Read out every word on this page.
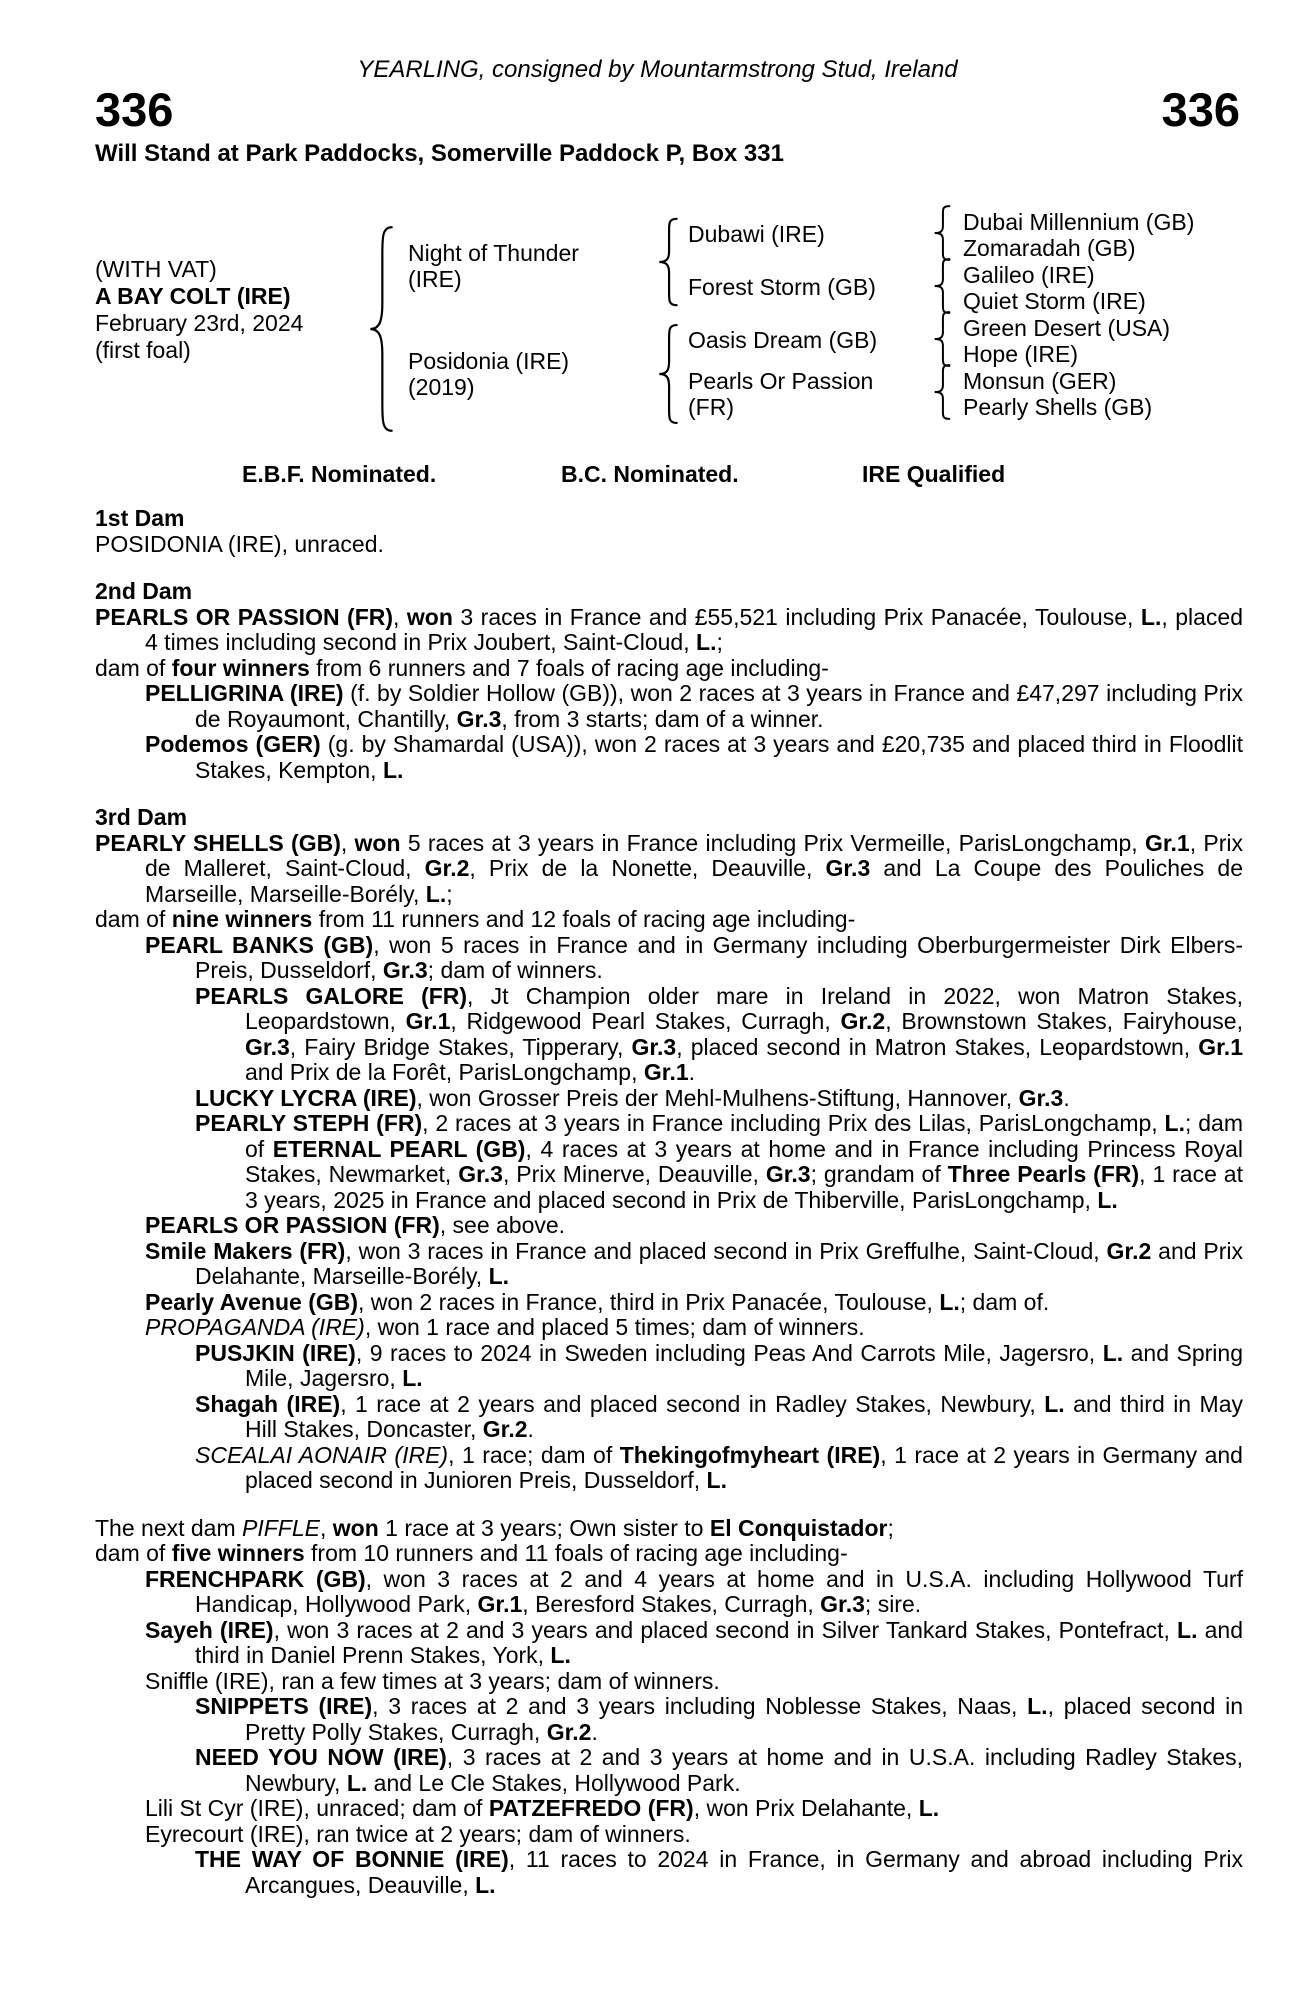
YEARLING, consigned by Mountarmstrong Stud, Ireland
336	336
Will Stand at Park Paddocks, Somerville Paddock P, Box 331
(WITH VAT)
A BAY COLT (IRE)
February 23rd, 2024
(first foal)
Night of Thunder
(IRE)
Posidonia (IRE)
(2019)
Dubawi (IRE)
Forest Storm (GB)
Oasis Dream (GB)
Pearls Or Passion
(FR)
Dubai Millennium (GB)
Zomaradah (GB)
Galileo (IRE)
Quiet Storm (IRE)
Green Desert (USA)
Hope (IRE)
Monsun (GER)
Pearly Shells (GB)
E.B.F. Nominated.	B.C. Nominated.	IRE Qualified
1st Dam

POSIDONIA (IRE), unraced.

2nd Dam

PEARLS OR PASSION (FR), won 3 races in France and £55,521 including Prix Panacée, Toulouse, L., placed 4 times including second in Prix Joubert, Saint-Cloud, L.;

dam of four winners from 6 runners and 7 foals of racing age including-

PELLIGRINA (IRE) (f. by Soldier Hollow (GB)), won 2 races at 3 years in France and £47,297 including Prix de Royaumont, Chantilly, Gr.3, from 3 starts; dam of a winner.

Podemos (GER) (g. by Shamardal (USA)), won 2 races at 3 years and £20,735 and placed third in Floodlit Stakes, Kempton, L.

3rd Dam

PEARLY SHELLS (GB), won 5 races at 3 years in France including Prix Vermeille, ParisLongchamp, Gr.1, Prix de Malleret, Saint-Cloud, Gr.2, Prix de la Nonette, Deauville, Gr.3 and La Coupe des Pouliches de Marseille, Marseille-Borély, L.;

dam of nine winners from 11 runners and 12 foals of racing age including-

PEARL BANKS (GB), won 5 races in France and in Germany including Oberburgermeister Dirk Elbers-Preis, Dusseldorf, Gr.3; dam of winners.

PEARLS GALORE (FR), Jt Champion older mare in Ireland in 2022, won Matron Stakes, Leopardstown, Gr.1, Ridgewood Pearl Stakes, Curragh, Gr.2, Brownstown Stakes, Fairyhouse, Gr.3, Fairy Bridge Stakes, Tipperary, Gr.3, placed second in Matron Stakes, Leopardstown, Gr.1 and Prix de la Forêt, ParisLongchamp, Gr.1.

LUCKY LYCRA (IRE), won Grosser Preis der Mehl-Mulhens-Stiftung, Hannover, Gr.3.

PEARLY STEPH (FR), 2 races at 3 years in France including Prix des Lilas, ParisLongchamp, L.; dam of ETERNAL PEARL (GB), 4 races at 3 years at home and in France including Princess Royal Stakes, Newmarket, Gr.3, Prix Minerve, Deauville, Gr.3; grandam of Three Pearls (FR), 1 race at 3 years, 2025 in France and placed second in Prix de Thiberville, ParisLongchamp, L.

PEARLS OR PASSION (FR), see above.

Smile Makers (FR), won 3 races in France and placed second in Prix Greffulhe, Saint-Cloud, Gr.2 and Prix Delahante, Marseille-Borély, L.

Pearly Avenue (GB), won 2 races in France, third in Prix Panacée, Toulouse, L.; dam of.

PROPAGANDA (IRE), won 1 race and placed 5 times; dam of winners.

PUSJKIN (IRE), 9 races to 2024 in Sweden including Peas And Carrots Mile, Jagersro, L. and Spring Mile, Jagersro, L.

Shagah (IRE), 1 race at 2 years and placed second in Radley Stakes, Newbury, L. and third in May Hill Stakes, Doncaster, Gr.2.

SCEALAI AONAIR (IRE), 1 race; dam of Thekingofmyheart (IRE), 1 race at 2 years in Germany and placed second in Junioren Preis, Dusseldorf, L.

The next dam PIFFLE, won 1 race at 3 years; Own sister to El Conquistador;

dam of five winners from 10 runners and 11 foals of racing age including-

FRENCHPARK (GB), won 3 races at 2 and 4 years at home and in U.S.A. including Hollywood Turf Handicap, Hollywood Park, Gr.1, Beresford Stakes, Curragh, Gr.3; sire.

Sayeh (IRE), won 3 races at 2 and 3 years and placed second in Silver Tankard Stakes, Pontefract, L. and third in Daniel Prenn Stakes, York, L.

Sniffle (IRE), ran a few times at 3 years; dam of winners.

SNIPPETS (IRE), 3 races at 2 and 3 years including Noblesse Stakes, Naas, L., placed second in Pretty Polly Stakes, Curragh, Gr.2.

NEED YOU NOW (IRE), 3 races at 2 and 3 years at home and in U.S.A. including Radley Stakes, Newbury, L. and Le Cle Stakes, Hollywood Park.

Lili St Cyr (IRE), unraced; dam of PATZEFREDO (FR), won Prix Delahante, L.

Eyrecourt (IRE), ran twice at 2 years; dam of winners.

THE WAY OF BONNIE (IRE), 11 races to 2024 in France, in Germany and abroad including Prix Arcangues, Deauville, L.
